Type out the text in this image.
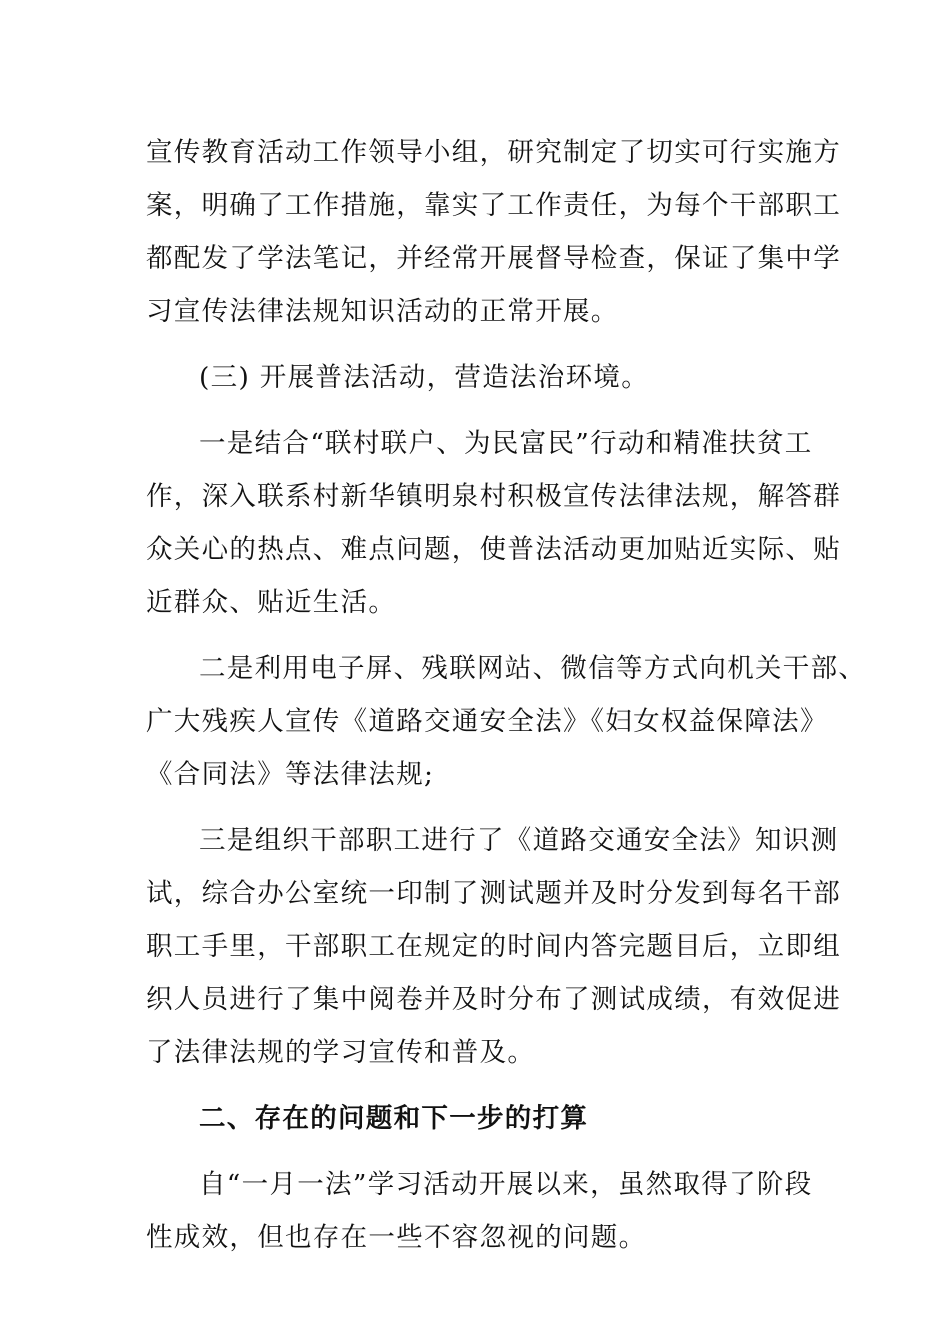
宣传教育活动工作领导小组，研究制定了切实可行实施方
案，明确了工作措施，靠实了工作责任，为每个干部职工
都配发了学法笔记，并经常开展督导检查，保证了集中学
习宣传法律法规知识活动的正常开展。

(三) 开展普法活动，营造法治环境。

一是结合“联村联户、为民富民”行动和精准扶贫工
作，深入联系村新华镇明泉村积极宣传法律法规，解答群
众关心的热点、难点问题，使普法活动更加贴近实际、贴
近群众、贴近生活。

二是利用电子屏、残联网站、微信等方式向机关干部、
广大残疾人宣传《道路交通安全法》《妇女权益保障法》
《合同法》等法律法规;

三是组织干部职工进行了《道路交通安全法》知识测
试，综合办公室统一印制了测试题并及时分发到每名干部
职工手里，干部职工在规定的时间内答完题目后，立即组
织人员进行了集中阅卷并及时分布了测试成绩，有效促进
了法律法规的学习宣传和普及。

二、存在的问题和下一步的打算

自“一月一法”学习活动开展以来，虽然取得了阶段
性成效，但也存在一些不容忽视的问题。
